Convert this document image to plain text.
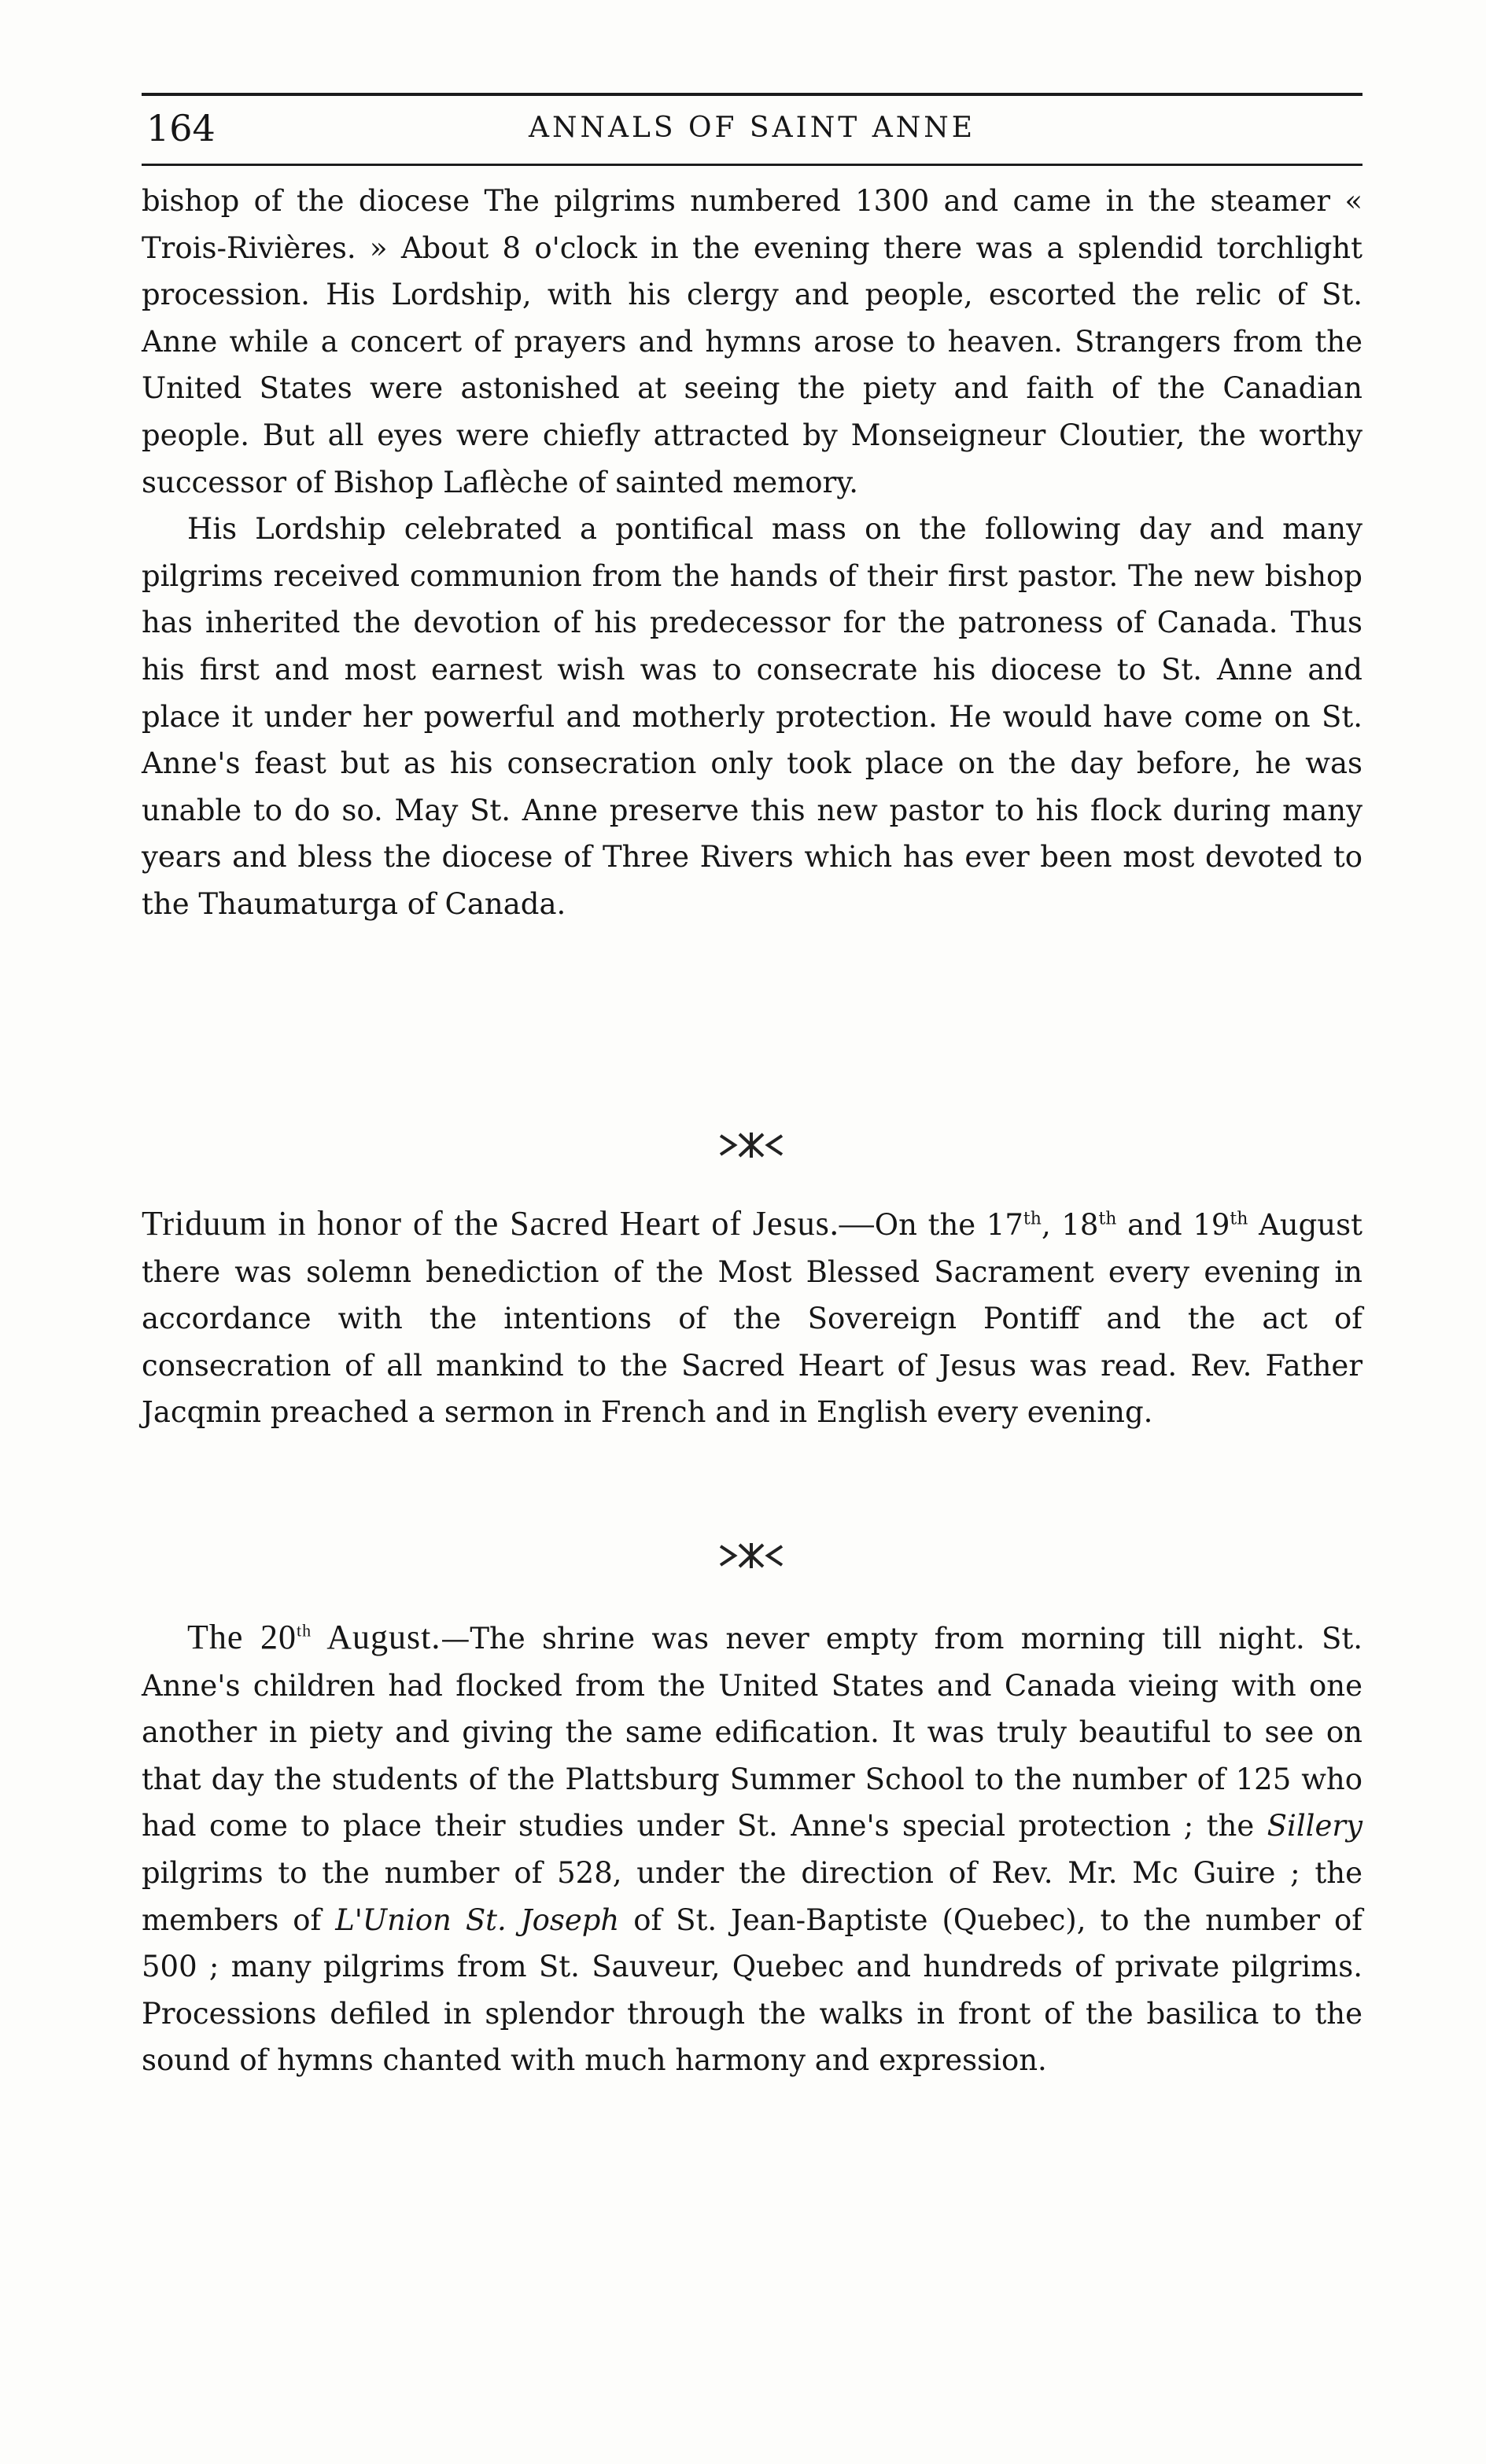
164	ANNALS OF SAINT ANNE

bishop of the diocese The pilgrims numbered 1300 and came in the steamer « Trois-Rivières. » About 8 o'clock in the evening there was a splendid torchlight procession. His Lordship, with his clergy and people, escorted the relic of St. Anne while a concert of prayers and hymns arose to heaven. Strangers from the United States were astonished at seeing the piety and faith of the Canadian people. But all eyes were chiefly attracted by Monseigneur Cloutier, the worthy successor of Bishop Laflèche of sainted memory.

His Lordship celebrated a pontifical mass on the following day and many pilgrims received communion from the hands of their first pastor. The new bishop has inherited the devotion of his predecessor for the patroness of Canada. Thus his first and most earnest wish was to consecrate his diocese to St. Anne and place it under her powerful and motherly protection. He would have come on St. Anne's feast but as his consecration only took place on the day before, he was unable to do so. May St. Anne preserve this new pastor to his flock during many years and bless the diocese of Three Rivers which has ever been most devoted to the Thaumaturga of Canada.

Triduum in honor of the Sacred Heart of Jesus.—On the 17th, 18th and 19th August there was solemn benediction of the Most Blessed Sacrament every evening in accordance with the intentions of the Sovereign Pontiff and the act of consecration of all mankind to the Sacred Heart of Jesus was read. Rev. Father Jacqmin preached a sermon in French and in English every evening.

The 20th August.—The shrine was never empty from morning till night. St. Anne's children had flocked from the United States and Canada vieing with one another in piety and giving the same edification. It was truly beautiful to see on that day the students of the Plattsburg Summer School to the number of 125 who had come to place their studies under St. Anne's special protection ; the Sillery pilgrims to the number of 528, under the direction of Rev. Mr. Mc Guire ; the members of L'Union St. Joseph of St. Jean-Baptiste (Quebec), to the number of 500 ; many pilgrims from St. Sauveur, Quebec and hundreds of private pilgrims. Processions defiled in splendor through the walks in front of the basilica to the sound of hymns chanted with much harmony and expression.
